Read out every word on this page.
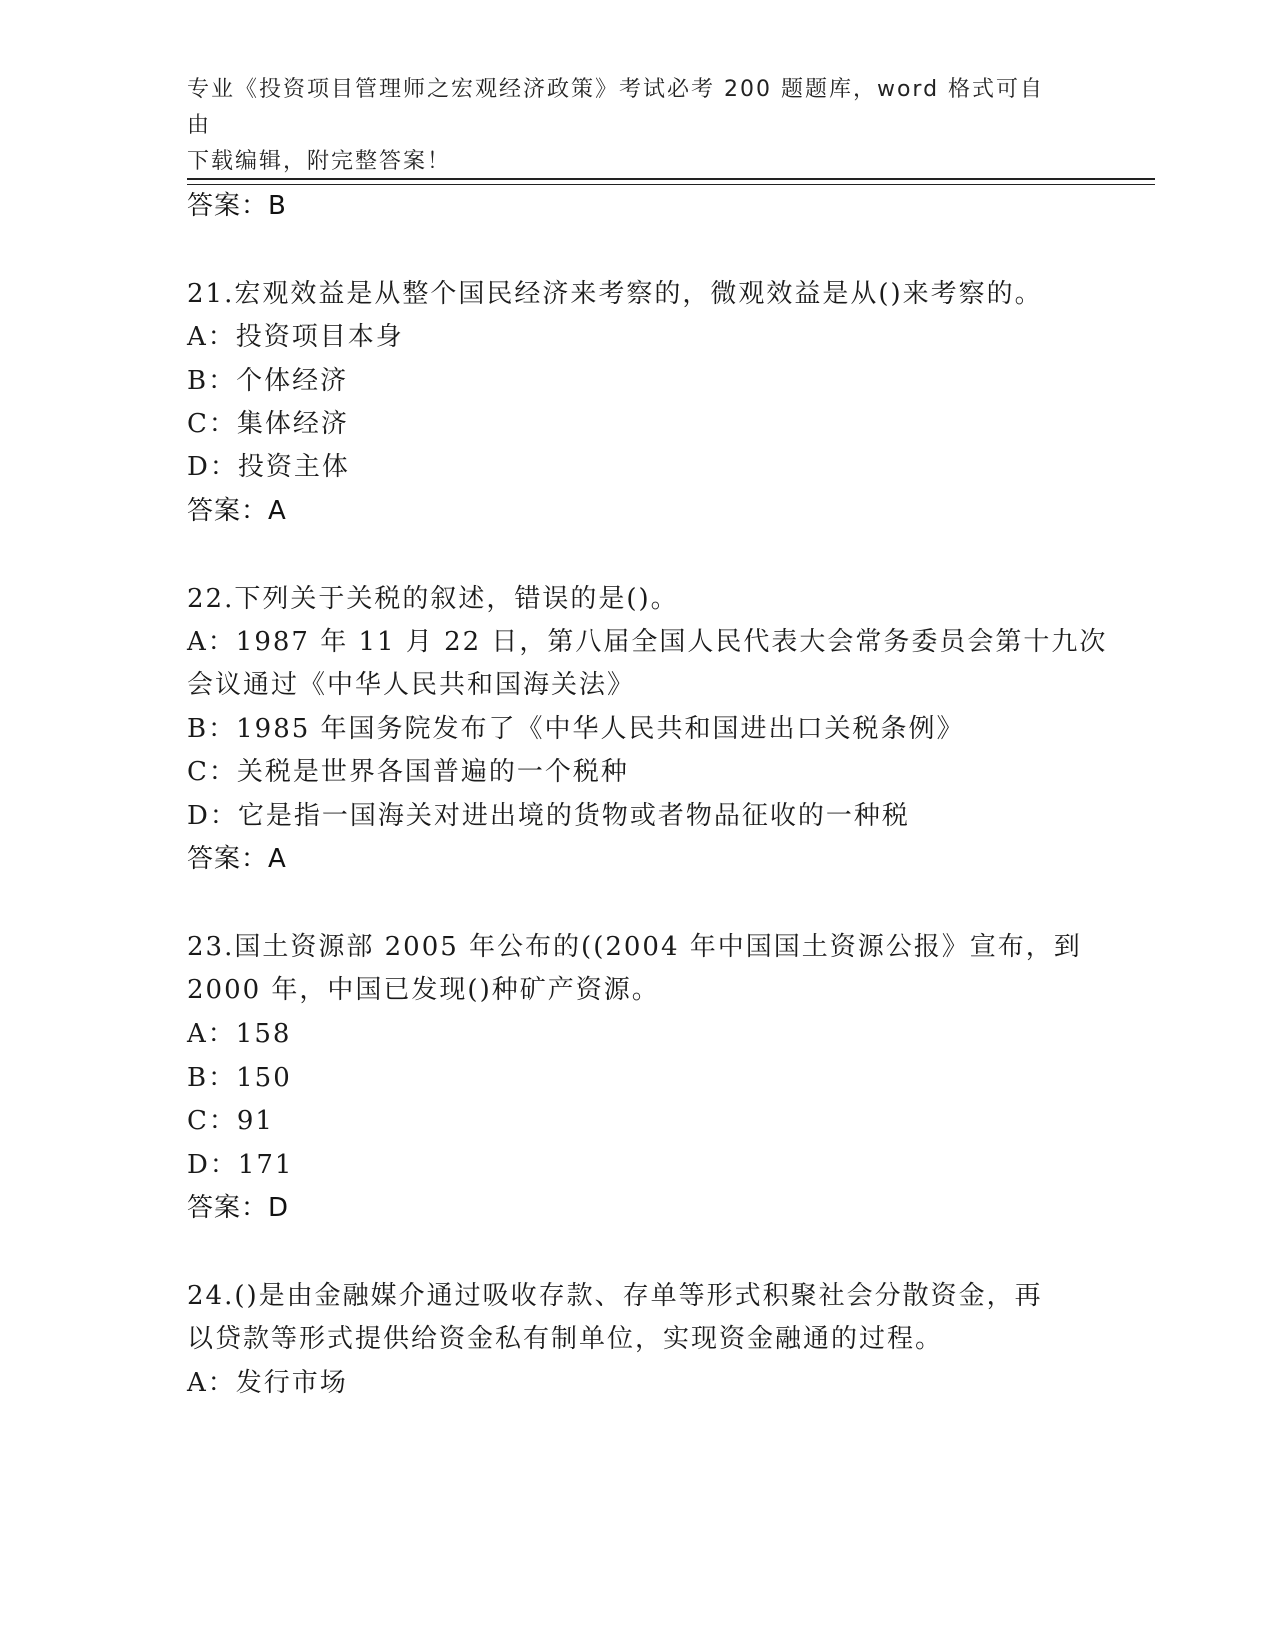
专业《投资项目管理师之宏观经济政策》考试必考 200 题题库，word 格式可自由
下载编辑，附完整答案！
答案：B
21.宏观效益是从整个国民经济来考察的，微观效益是从()来考察的。
A：投资项目本身
B：个体经济
C：集体经济
D：投资主体
答案：A
22.下列关于关税的叙述，错误的是()。
A：1987 年 11 月 22 日，第八届全国人民代表大会常务委员会第十九次
会议通过《中华人民共和国海关法》
B：1985 年国务院发布了《中华人民共和国进出口关税条例》
C：关税是世界各国普遍的一个税种
D：它是指一国海关对进出境的货物或者物品征收的一种税
答案：A
23.国土资源部 2005 年公布的((2004 年中国国土资源公报》宣布，到
2000 年，中国已发现()种矿产资源。
A：158
B：150
C：91
D：171
答案：D
24.()是由金融媒介通过吸收存款、存单等形式积聚社会分散资金，再
以贷款等形式提供给资金私有制单位，实现资金融通的过程。
A：发行市场
